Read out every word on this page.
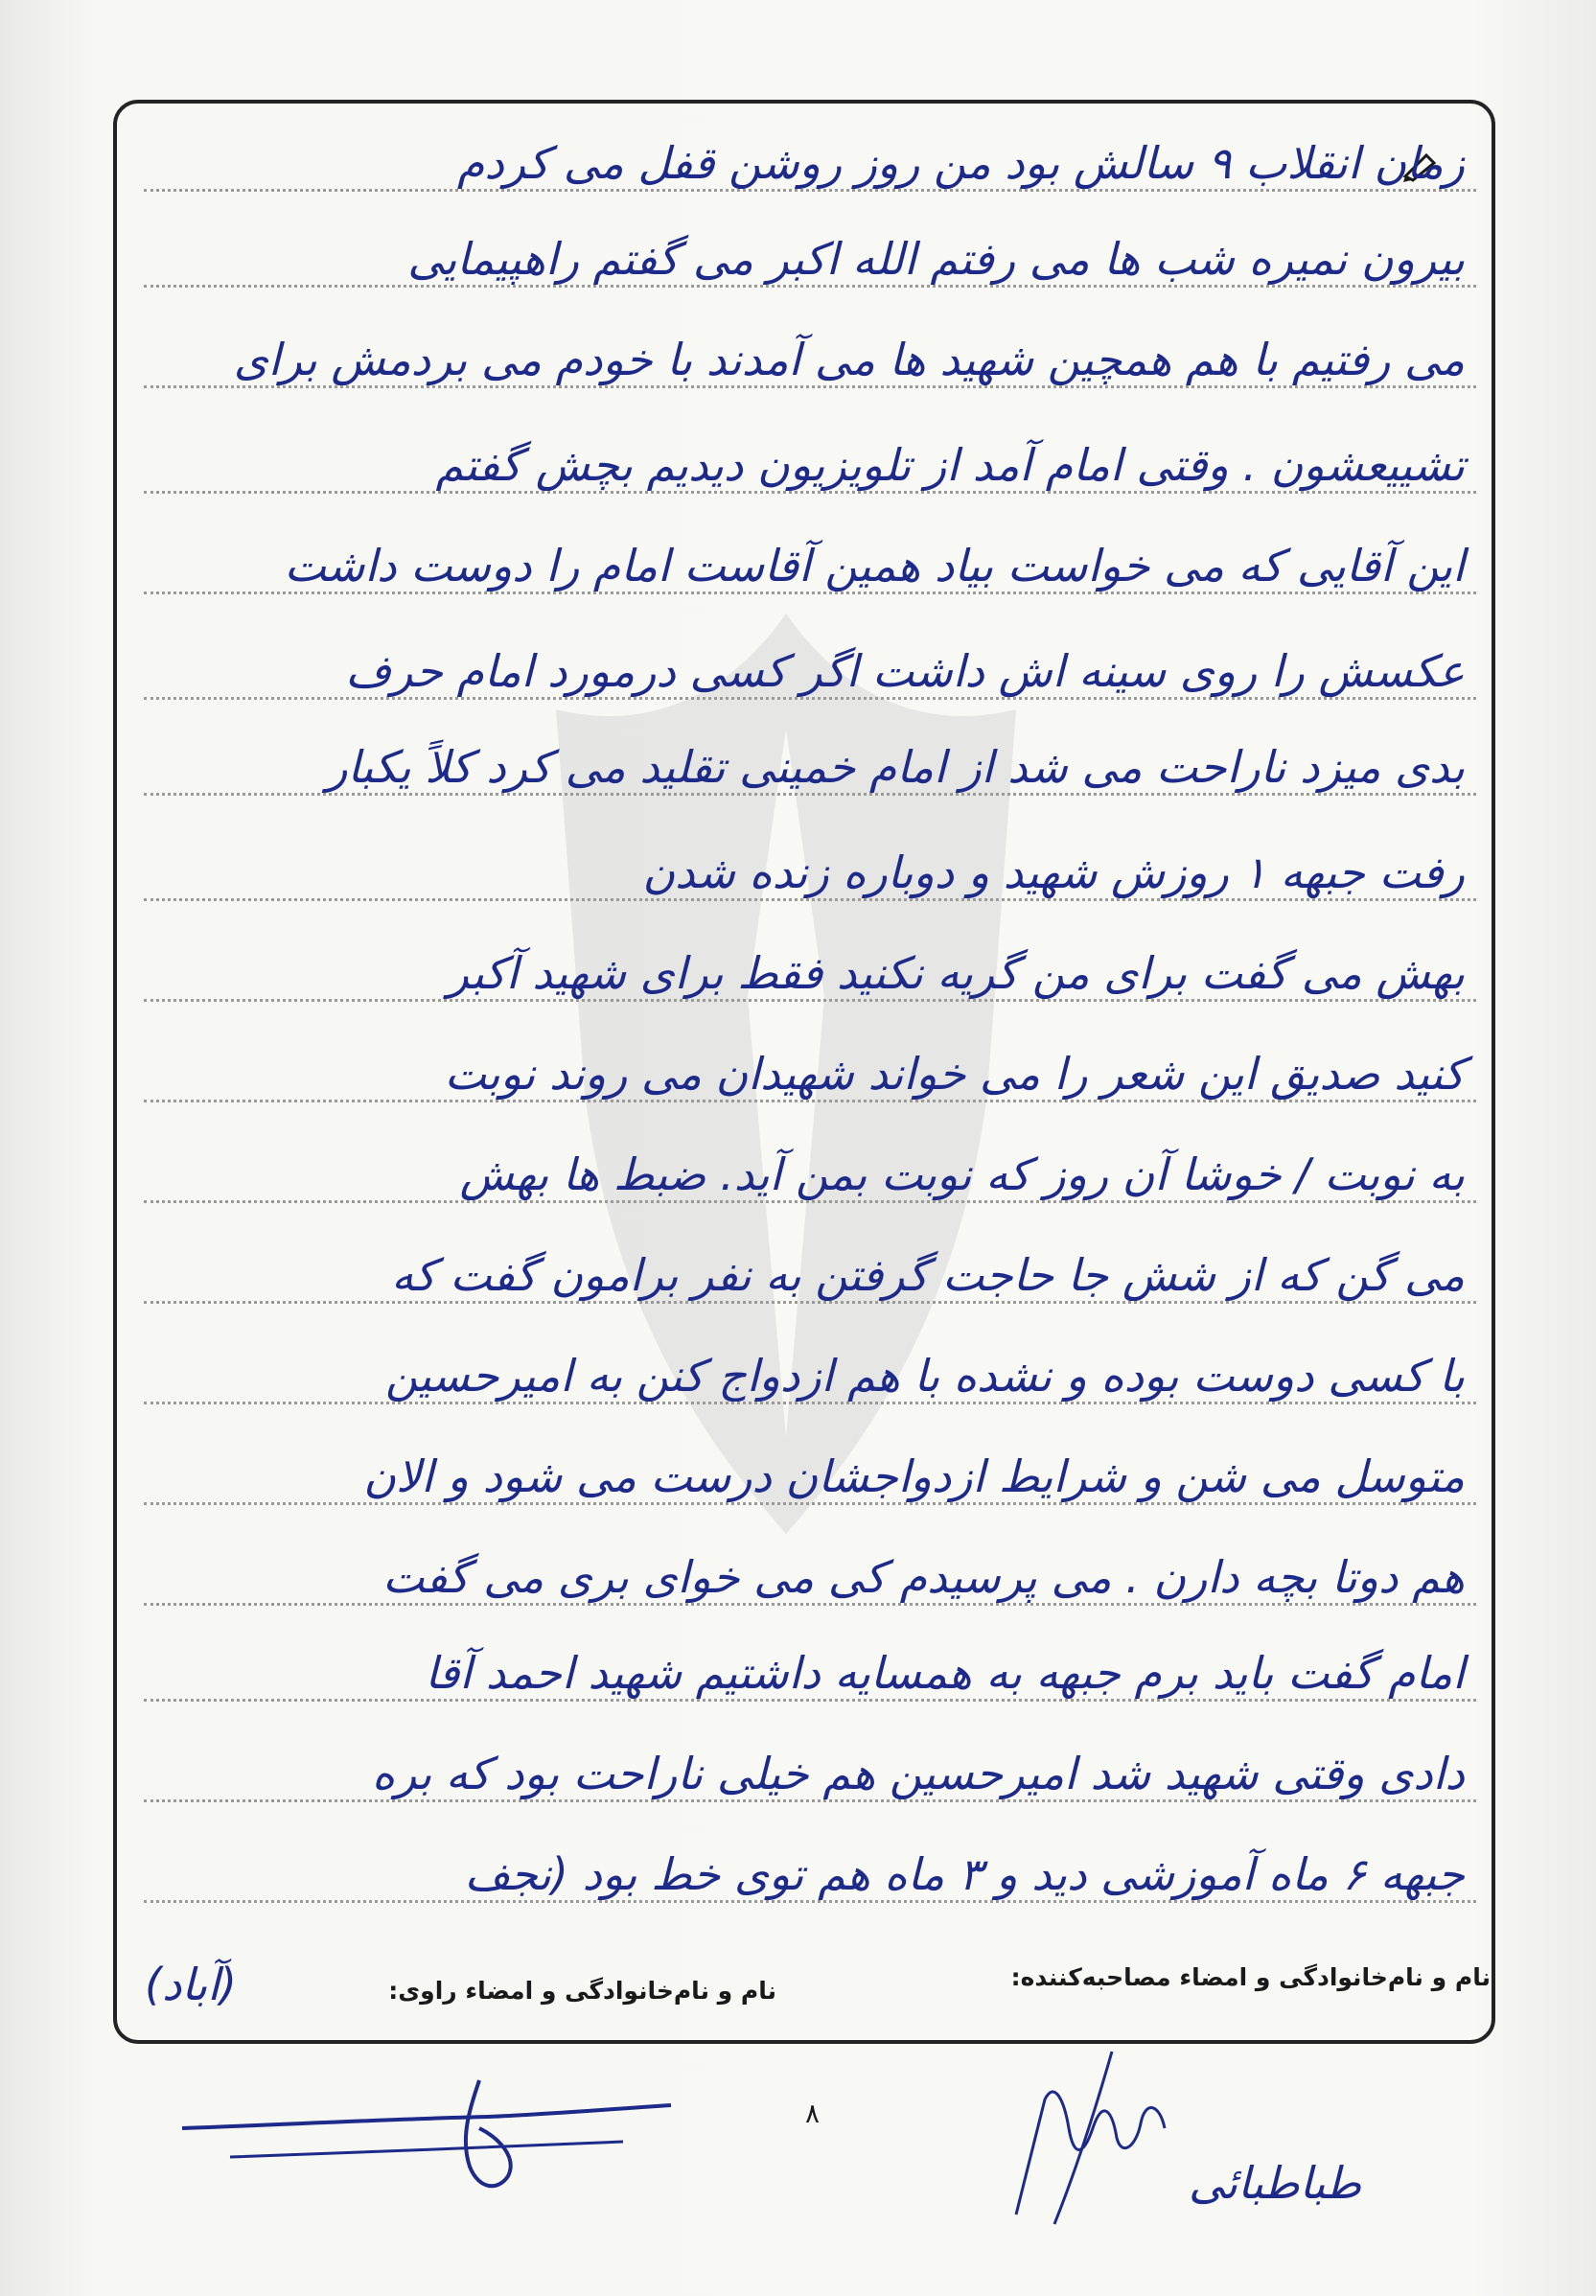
زمان انقلاب ۹ سالش بود من روز روشن قفل می کردم
بیرون نمیره شب ها می رفتم الله اکبر می گفتم راهپیمایی
می رفتیم با هم همچین شهید ها می آمدند با خودم می بردمش برای
تشییعشون . وقتی امام آمد از تلویزیون دیدیم بچش گفتم
این آقایی که می خواست بیاد همین آقاست امام را دوست داشت
عکسش را روی سینه اش داشت اگر کسی درمورد امام حرف
بدی میزد ناراحت می شد از امام خمینی تقلید می کرد کلاً یکبار
رفت جبهه ۱ روزش شهید و دوباره زنده شدن
بهش می گفت برای من گریه نکنید فقط برای شهید آکبر
کنید صدیق این شعر را می خواند شهیدان می روند نوبت
به نوبت / خوشا آن روز که نوبت بمن آید. ضبط ها بهش
می گن که از شش جا حاجت گرفتن به نفر برامون گفت که
با کسی دوست بوده و نشده با هم ازدواج کنن به امیرحسین
متوسل می شن و شرایط ازدواجشان درست می شود و الان
هم دوتا بچه دارن . می پرسیدم کی می خوای بری می گفت
امام گفت باید برم جبهه به همسایه داشتیم شهید احمد آقا
دادی وقتی شهید شد امیرحسین هم خیلی ناراحت بود که بره
جبهه ۶ ماه آموزشی دید و ۳ ماه هم توی خط بود (نجف
(آباد)	نام و نام‌خانوادگی و امضاء مصاحبه‌کننده:
نام و نام‌خانوادگی و امضاء راوی:
۸
طباطبائی
